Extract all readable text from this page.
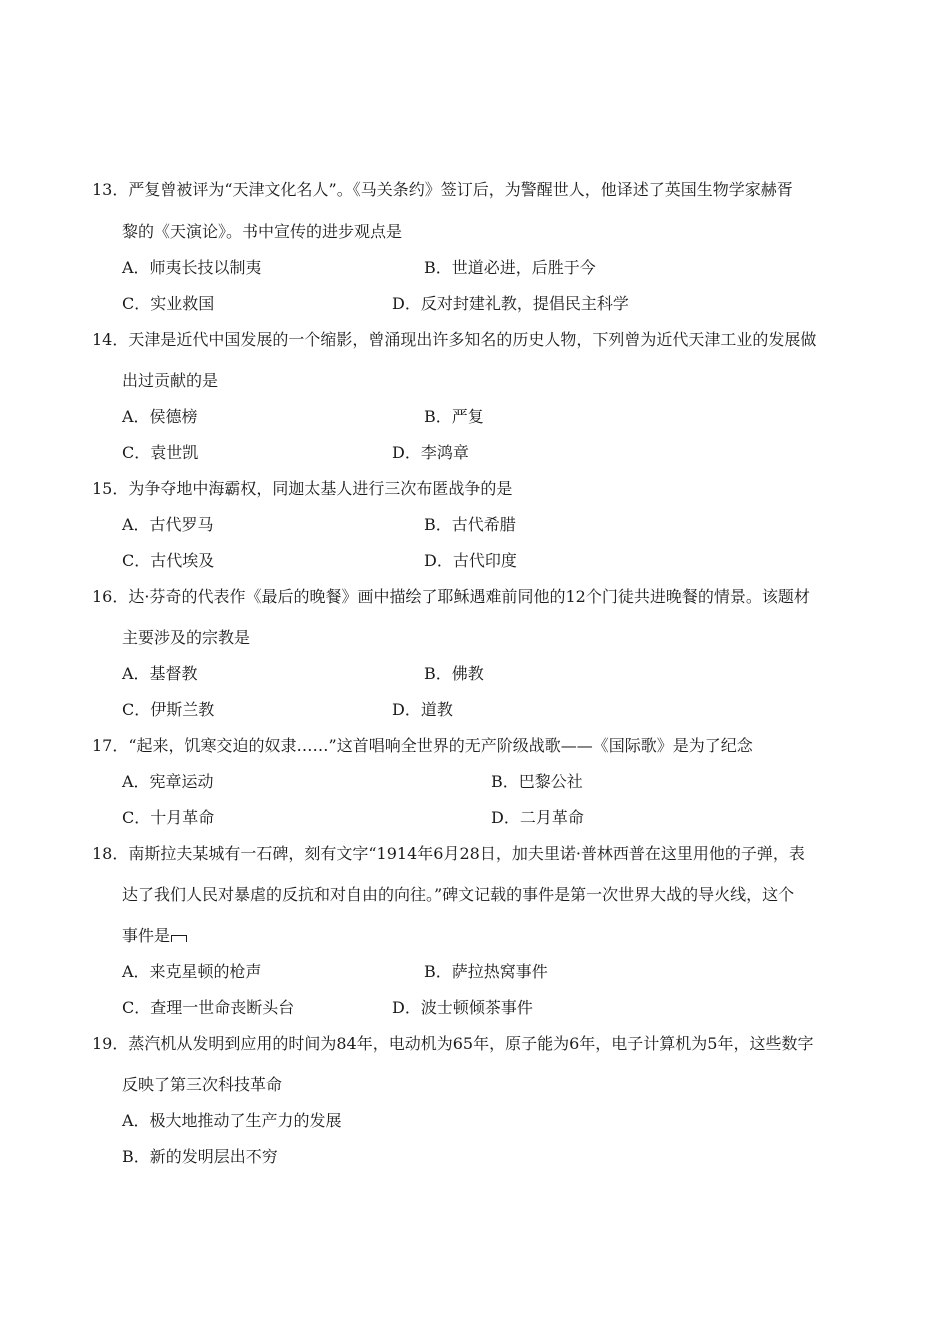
13．严复曾被评为“天津文化名人”。《马关条约》签订后，为警醒世人，他译述了英国生物学家赫胥
黎的《天演论》。书中宣传的进步观点是
A．师夷长技以制夷	B．世道必进，后胜于今
C．实业救国	D．反对封建礼教，提倡民主科学
14．天津是近代中国发展的一个缩影，曾涌现出许多知名的历史人物，下列曾为近代天津工业的发展做
出过贡献的是
A．侯德榜	B．严复
C．袁世凯	D．李鸿章
15．为争夺地中海霸权，同迦太基人进行三次布匿战争的是
A．古代罗马	B．古代希腊
C．古代埃及	D．古代印度
16．达·芬奇的代表作《最后的晚餐》画中描绘了耶稣遇难前同他的12个门徒共进晚餐的情景。该题材
主要涉及的宗教是
A．基督教	B．佛教
C．伊斯兰教	D．道教
17．“起来，饥寒交迫的奴隶……”这首唱响全世界的无产阶级战歌——《国际歌》是为了纪念
A．宪章运动	B．巴黎公社
C．十月革命	D．二月革命
18．南斯拉夫某城有一石碑，刻有文字“1914年6月28日，加夫里诺·普林西普在这里用他的子弹，表
达了我们人民对暴虐的反抗和对自由的向往。”碑文记载的事件是第一次世界大战的导火线，这个
事件是
A．来克星顿的枪声	B．萨拉热窝事件
C．查理一世命丧断头台	D．波士顿倾茶事件
19．蒸汽机从发明到应用的时间为84年，电动机为65年，原子能为6年，电子计算机为5年，这些数字
反映了第三次科技革命
A．极大地推动了生产力的发展
B．新的发明层出不穷
